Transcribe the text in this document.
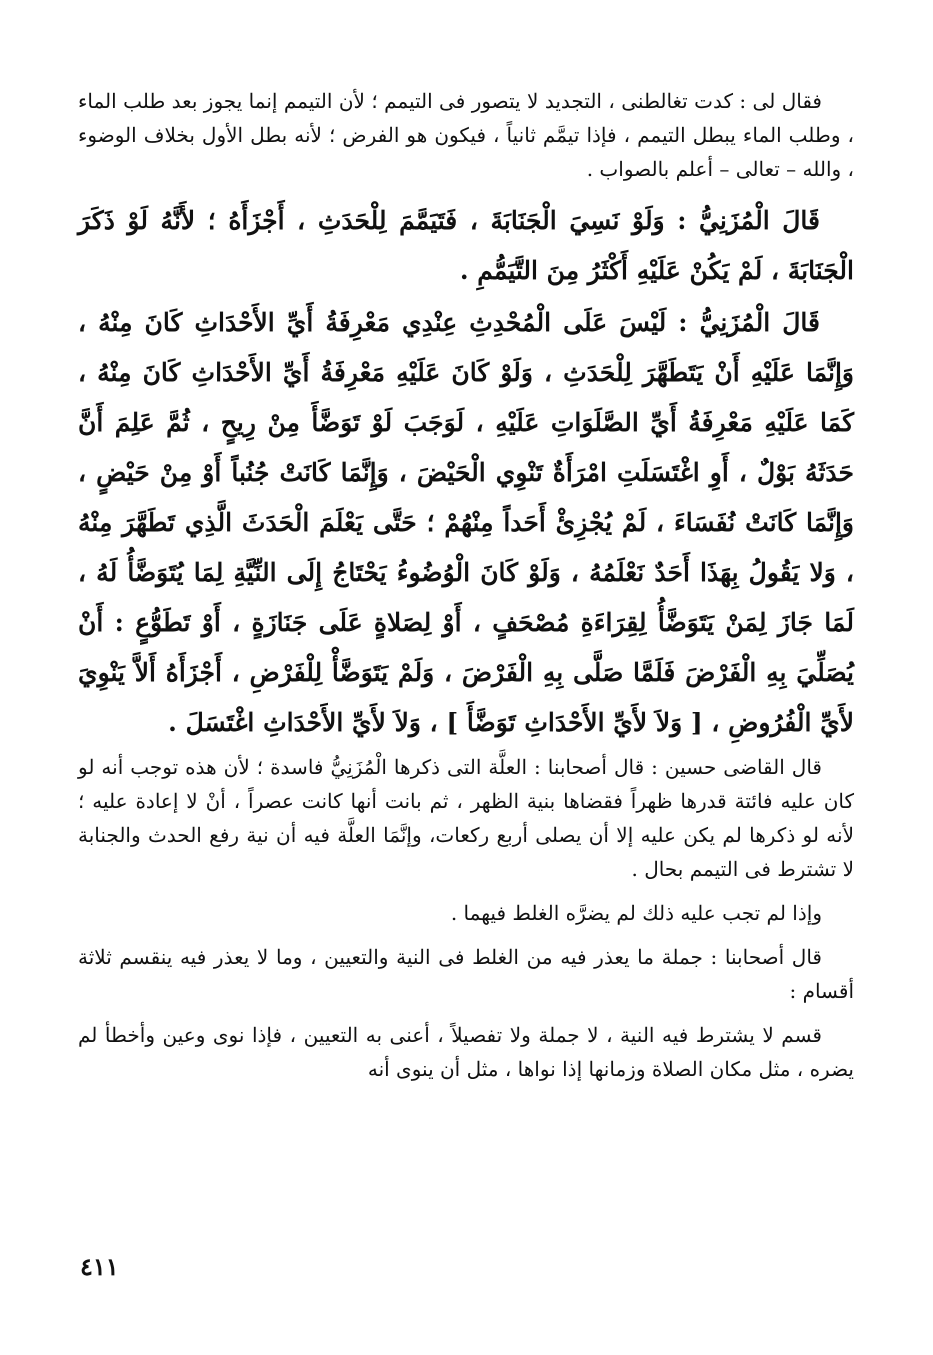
فقال لى : كدت تغالطنى ، التجديد لا يتصور فى التيمم ؛ لأن التيمم إنما يجوز بعد طلب الماء ، وطلب الماء يبطل التيمم ، فإذا تيمَّم ثانياً ، فيكون هو الفرض ؛ لأنه بطل الأول بخلاف الوضوء ، والله – تعالى – أعلم بالصواب .

قَالَ الْمُزَنِيُّ : وَلَوْ نَسِيَ الْجَنَابَةَ ، فَتَيَمَّمَ لِلْحَدَثِ ، أَجْزَأَهُ ؛ لأَنَّهُ لَوْ ذَكَرَ الْجَنَابَةَ ، لَمْ يَكُنْ عَلَيْهِ أَكْثَرُ مِنَ التَّيَمُّمِ .

قَالَ الْمُزَنِيُّ : لَيْسَ عَلَى الْمُحْدِثِ عِنْدِي مَعْرِفَةُ أَيِّ الأَحْدَاثِ كَانَ مِنْهُ ، وَإِنَّمَا عَلَيْهِ أَنْ يَتَطَهَّرَ لِلْحَدَثِ ، وَلَوْ كَانَ عَلَيْهِ مَعْرِفَةُ أَيِّ الأَحْدَاثِ كَانَ مِنْهُ ، كَمَا عَلَيْهِ مَعْرِفَةُ أَيِّ الصَّلَوَاتِ عَلَيْهِ ، لَوَجَبَ لَوْ تَوَضَّأَ مِنْ رِيحٍ ، ثُمَّ عَلِمَ أَنَّ حَدَثَهُ بَوْلٌ ، أَوِ اغْتَسَلَتِ امْرَأَةٌ تَنْوِي الْحَيْضَ ، وَإِنَّمَا كَانَتْ جُنُباً أَوْ مِنْ حَيْضٍ ، وَإِنَّمَا كَانَتْ نُفَسَاءَ ، لَمْ يُجْزِئْ أَحَداً مِنْهُمْ ؛ حَتَّى يَعْلَمَ الْحَدَثَ الَّذِي تَطَهَّرَ مِنْهُ ، وَلا يَقُولُ بِهَذَا أَحَدٌ نَعْلَمُهُ ، وَلَوْ كَانَ الْوُضُوءُ يَحْتَاجُ إِلَى النِّيَّةِ لِمَا يُتَوَضَّأُ لَهُ ، لَمَا جَازَ لِمَنْ يَتَوَضَّأُ لِقِرَاءَةِ مُصْحَفٍ ، أَوْ لِصَلاةٍ عَلَى جَنَازَةٍ ، أَوْ تَطَوُّعٍ : أَنْ يُصَلِّيَ بِهِ الْفَرْضَ فَلَمَّا صَلَّى بِهِ الْفَرْضَ ، وَلَمْ يَتَوَضَّأْ لِلْفَرْضِ ، أَجْزَأَهُ أَلاَّ يَنْوِيَ لأَيِّ الْفُرُوضِ ، [ وَلاَ لأَيِّ الأَحْدَاثِ تَوَضَّأَ ] ، وَلاَ لأَيِّ الأَحْدَاثِ اغْتَسَلَ .

قال القاضى حسين : قال أصحابنا : العلَّة التى ذكرها الْمُزَنِيُّ فاسدة ؛ لأن هذه توجب أنه لو كان عليه فائتة قدرها ظهراً فقضاها بنية الظهر ، ثم بانت أنها كانت عصراً ، أنْ لا إعادة عليه ؛ لأنه لو ذكرها لم يكن عليه إلا أن يصلى أربع ركعات، وإنَّمَا العلَّة فيه أن نية رفع الحدث والجنابة لا تشترط فى التيمم بحال .

وإذا لم تجب عليه ذلك لم يضرَّه الغلط فيهما .

قال أصحابنا : جملة ما يعذر فيه من الغلط فى النية والتعيين ، وما لا يعذر فيه ينقسم ثلاثة أقسام :

قسم لا يشترط فيه النية ، لا جملة ولا تفصيلاً ، أعنى به التعيين ، فإذا نوى وعين وأخطأ لم يضره ، مثل مكان الصلاة وزمانها إذا نواها ، مثل أن ينوى أنه

٤١١
